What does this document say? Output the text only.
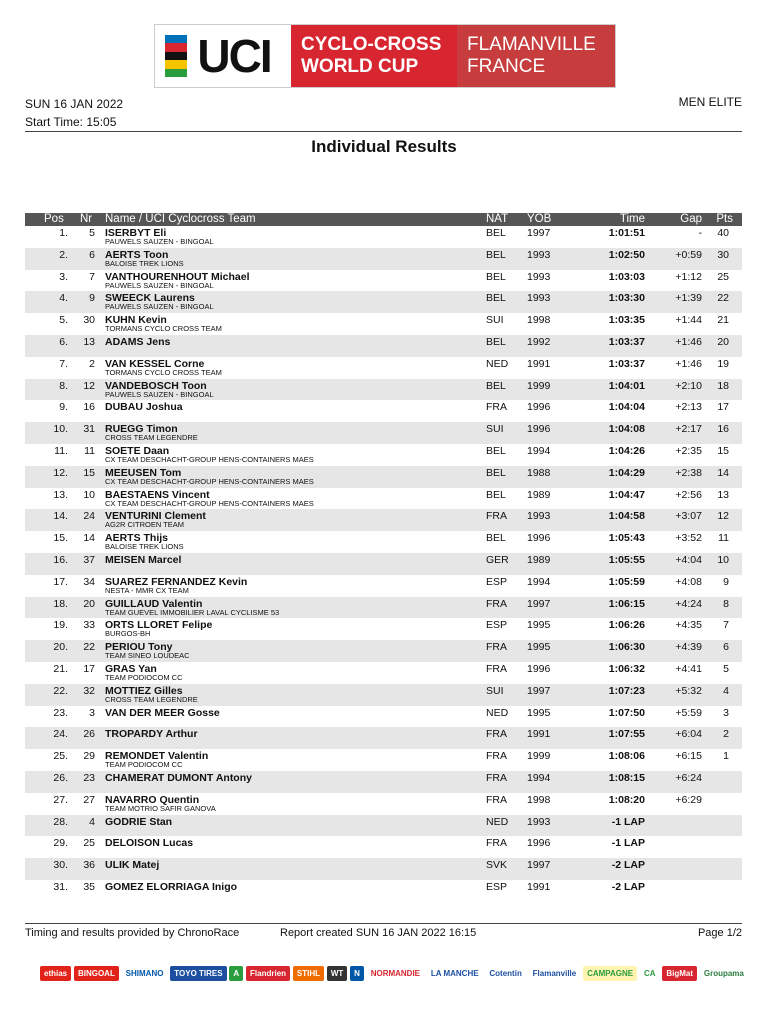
UCI CYCLO-CROSS
WORLD CUP
FLAMANVILLE
FRANCE
SUN 16 JAN 2022
Start Time: 15:05
MEN ELITE
Individual Results
Pos Nr Name / UCI Cyclocross Team	NAT YOB	Time	Gap Pts
1. 5 ISERBYT Eli	BEL 1997	1:01:51	- 40
PAUWELS SAUZEN - BINGOAL
2. 6 AERTS Toon	BEL 1993	1:02:50	+0:59 30
BALOISE TREK LIONS
3. 7 VANTHOURENHOUT Michael	BEL 1993	1:03:03	+1:12 25
PAUWELS SAUZEN - BINGOAL
4. 9 SWEECK Laurens	BEL 1993	1:03:30	+1:39 22
PAUWELS SAUZEN - BINGOAL
5. 30 KUHN Kevin	SUI 1998	1:03:35	+1:44 21
TORMANS CYCLO CROSS TEAM
6. 13 ADAMS Jens	BEL 1992	1:03:37	+1:46 20
7. 2 VAN KESSEL Corne	NED 1991	1:03:37	+1:46 19
TORMANS CYCLO CROSS TEAM
8. 12 VANDEBOSCH Toon	BEL 1999	1:04:01	+2:10 18
PAUWELS SAUZEN - BINGOAL
9. 16 DUBAU Joshua	FRA 1996	1:04:04	+2:13 17
10. 31 RUEGG Timon	SUI 1996	1:04:08	+2:17 16
CROSS TEAM LEGENDRE
11. 11 SOETE Daan	BEL 1994	1:04:26	+2:35 15
CX TEAM DESCHACHT-GROUP HENS-CONTAINERS MAES
12. 15 MEEUSEN Tom	BEL 1988	1:04:29	+2:38 14
CX TEAM DESCHACHT-GROUP HENS-CONTAINERS MAES
13. 10 BAESTAENS Vincent	BEL 1989	1:04:47	+2:56 13
CX TEAM DESCHACHT-GROUP HENS-CONTAINERS MAES
14. 24 VENTURINI Clement	FRA 1993	1:04:58	+3:07 12
AG2R CITROEN TEAM
15. 14 AERTS Thijs	BEL 1996	1:05:43	+3:52 11
BALOISE TREK LIONS
16. 37 MEISEN Marcel	GER 1989	1:05:55	+4:04 10
17. 34 SUAREZ FERNANDEZ Kevin	ESP 1994	1:05:59	+4:08 9
NESTA - MMR CX TEAM
18. 20 GUILLAUD Valentin	FRA 1997	1:06:15	+4:24 8
TEAM GUEVEL IMMOBILIER LAVAL CYCLISME 53
19. 33 ORTS LLORET Felipe	ESP 1995	1:06:26	+4:35 7
BURGOS-BH
20. 22 PERIOU Tony	FRA 1995	1:06:30	+4:39 6
TEAM SINEO LOUDEAC
21. 17 GRAS Yan	FRA 1996	1:06:32	+4:41 5
TEAM PODIOCOM CC
22. 32 MOTTIEZ Gilles	SUI 1997	1:07:23	+5:32 4
CROSS TEAM LEGENDRE
23. 3 VAN DER MEER Gosse	NED 1995	1:07:50	+5:59 3
24. 26 TROPARDY Arthur	FRA 1991	1:07:55	+6:04 2
25. 29 REMONDET Valentin	FRA 1999	1:08:06	+6:15 1
TEAM PODIOCOM CC
26. 23 CHAMERAT DUMONT Antony	FRA 1994	1:08:15	+6:24
27. 27 NAVARRO Quentin	FRA 1998	1:08:20	+6:29
TEAM MOTRIO SAFIR GANOVA
28. 4 GODRIE Stan	NED 1993	-1 LAP
29. 25 DELOISON Lucas	FRA 1996	-1 LAP
30. 36 ULIK Matej	SVK 1997	-2 LAP
31. 35 GOMEZ ELORRIAGA Inigo	ESP 1991	-2 LAP
Timing and results provided by ChronoRace	Report created SUN 16 JAN 2022 16:15	Page 1/2
ethias	BINGOAL	SHIMANO	TOYO TIRES	A	Flandrien	STIHL	WT	N	NORMANDIE	LA MANCHE	Cotentin	Flamanville	CAMPAGNE	CA	BigMat	Groupama
